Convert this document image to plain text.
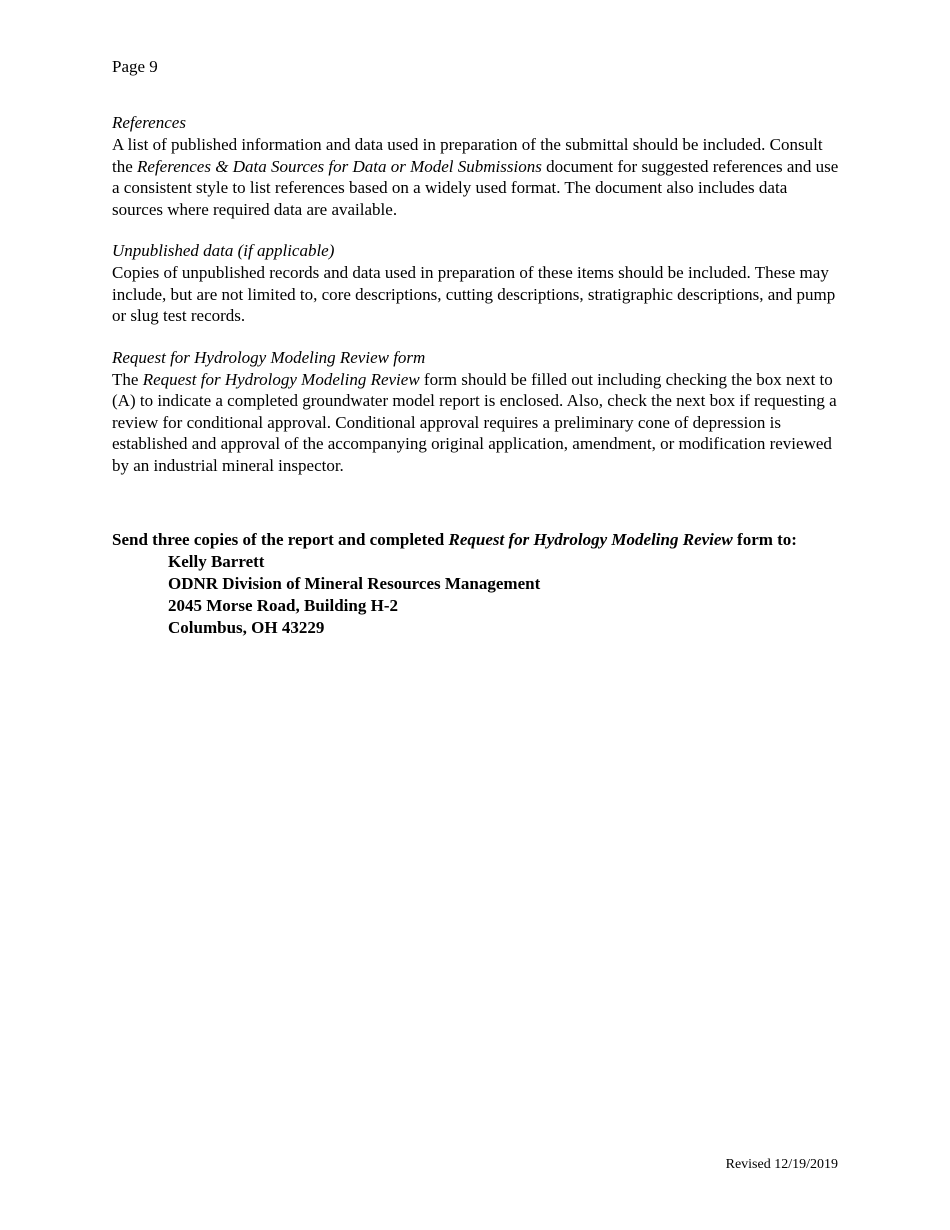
Page 9

References

A list of published information and data used in preparation of the submittal should be included. Consult the References & Data Sources for Data or Model Submissions document for suggested references and use a consistent style to list references based on a widely used format. The document also includes data sources where required data are available.

Unpublished data (if applicable)

Copies of unpublished records and data used in preparation of these items should be included. These may include, but are not limited to, core descriptions, cutting descriptions, stratigraphic descriptions, and pump or slug test records.

Request for Hydrology Modeling Review form

The Request for Hydrology Modeling Review form should be filled out including checking the box next to (A) to indicate a completed groundwater model report is enclosed. Also, check the next box if requesting a review for conditional approval. Conditional approval requires a preliminary cone of depression is established and approval of the accompanying original application, amendment, or modification reviewed by an industrial mineral inspector.

Send three copies of the report and completed Request for Hydrology Modeling Review form to:

Kelly Barrett
ODNR Division of Mineral Resources Management
2045 Morse Road, Building H-2
Columbus, OH 43229
Revised 12/19/2019
